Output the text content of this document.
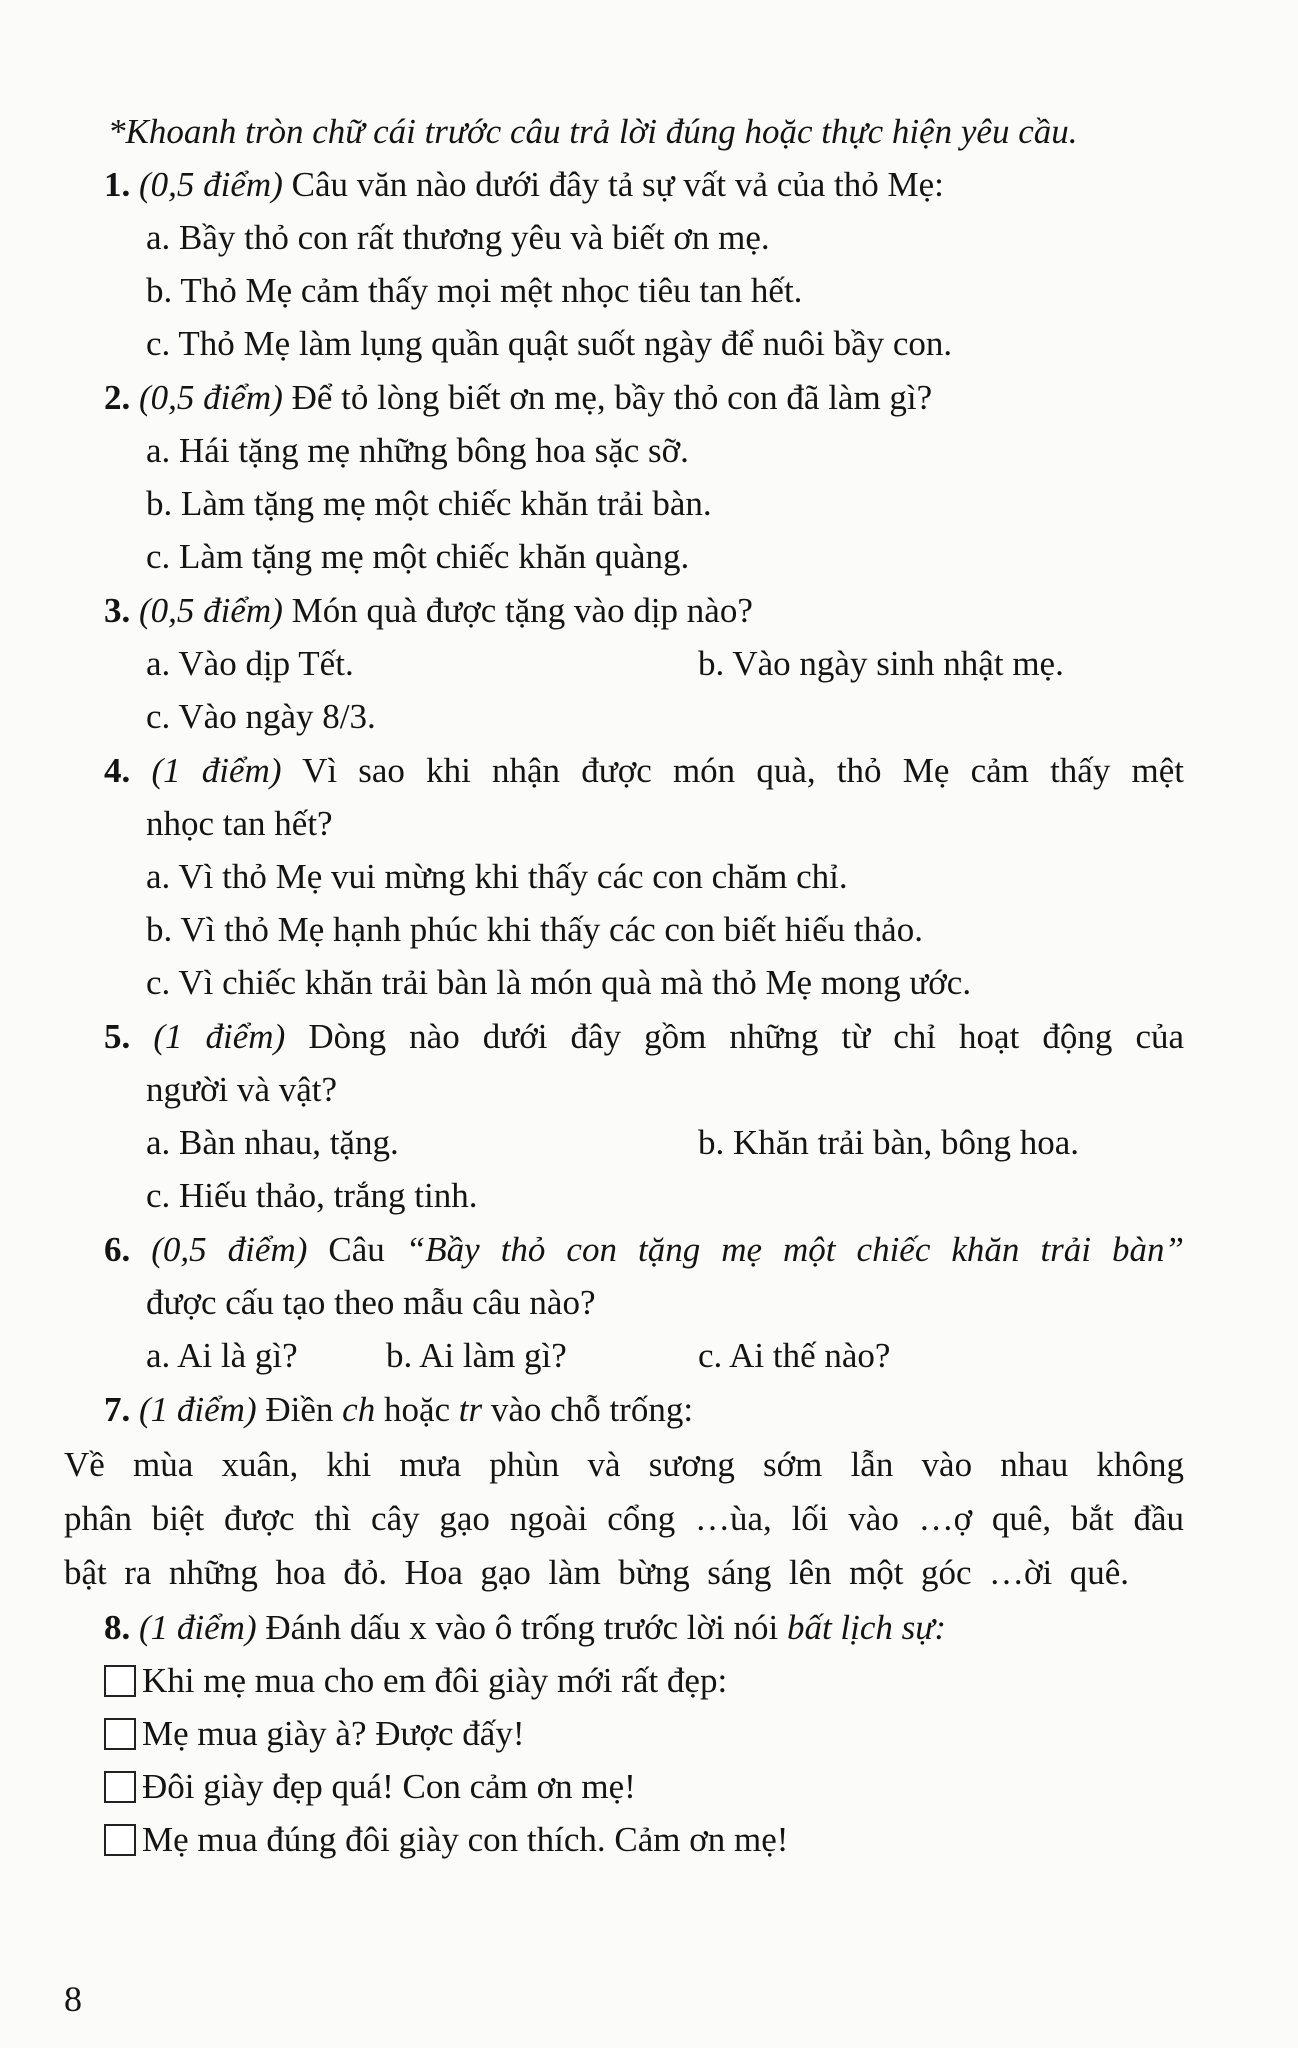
*Khoanh tròn chữ cái trước câu trả lời đúng hoặc thực hiện yêu cầu.
1. (0,5 điểm) Câu văn nào dưới đây tả sự vất vả của thỏ Mẹ:
a. Bầy thỏ con rất thương yêu và biết ơn mẹ.
b. Thỏ Mẹ cảm thấy mọi mệt nhọc tiêu tan hết.
c. Thỏ Mẹ làm lụng quần quật suốt ngày để nuôi bầy con.
2. (0,5 điểm) Để tỏ lòng biết ơn mẹ, bầy thỏ con đã làm gì?
a. Hái tặng mẹ những bông hoa sặc sỡ.
b. Làm tặng mẹ một chiếc khăn trải bàn.
c. Làm tặng mẹ một chiếc khăn quàng.
3. (0,5 điểm) Món quà được tặng vào dịp nào?
a. Vào dịp Tết.	b. Vào ngày sinh nhật mẹ.
c. Vào ngày 8/3.
4. (1 điểm) Vì sao khi nhận được món quà, thỏ Mẹ cảm thấy mệt
nhọc tan hết?
a. Vì thỏ Mẹ vui mừng khi thấy các con chăm chỉ.
b. Vì thỏ Mẹ hạnh phúc khi thấy các con biết hiếu thảo.
c. Vì chiếc khăn trải bàn là món quà mà thỏ Mẹ mong ước.
5. (1 điểm) Dòng nào dưới đây gồm những từ chỉ hoạt động của
người và vật?
a. Bàn nhau, tặng.	b. Khăn trải bàn, bông hoa.
c. Hiếu thảo, trắng tinh.
6. (0,5 điểm) Câu “Bầy thỏ con tặng mẹ một chiếc khăn trải bàn”
được cấu tạo theo mẫu câu nào?
a. Ai là gì?	b. Ai làm gì?	c. Ai thế nào?
7. (1 điểm) Điền ch hoặc tr vào chỗ trống:
Về mùa xuân, khi mưa phùn và sương sớm lẫn vào nhau không
phân biệt được thì cây gạo ngoài cổng …ùa, lối vào …ợ quê, bắt đầu
bật ra những hoa đỏ. Hoa gạo làm bừng sáng lên một góc …ời quê.
8. (1 điểm) Đánh dấu x vào ô trống trước lời nói bất lịch sự:
Khi mẹ mua cho em đôi giày mới rất đẹp:
Mẹ mua giày à? Được đấy!
Đôi giày đẹp quá! Con cảm ơn mẹ!
Mẹ mua đúng đôi giày con thích. Cảm ơn mẹ!
8
